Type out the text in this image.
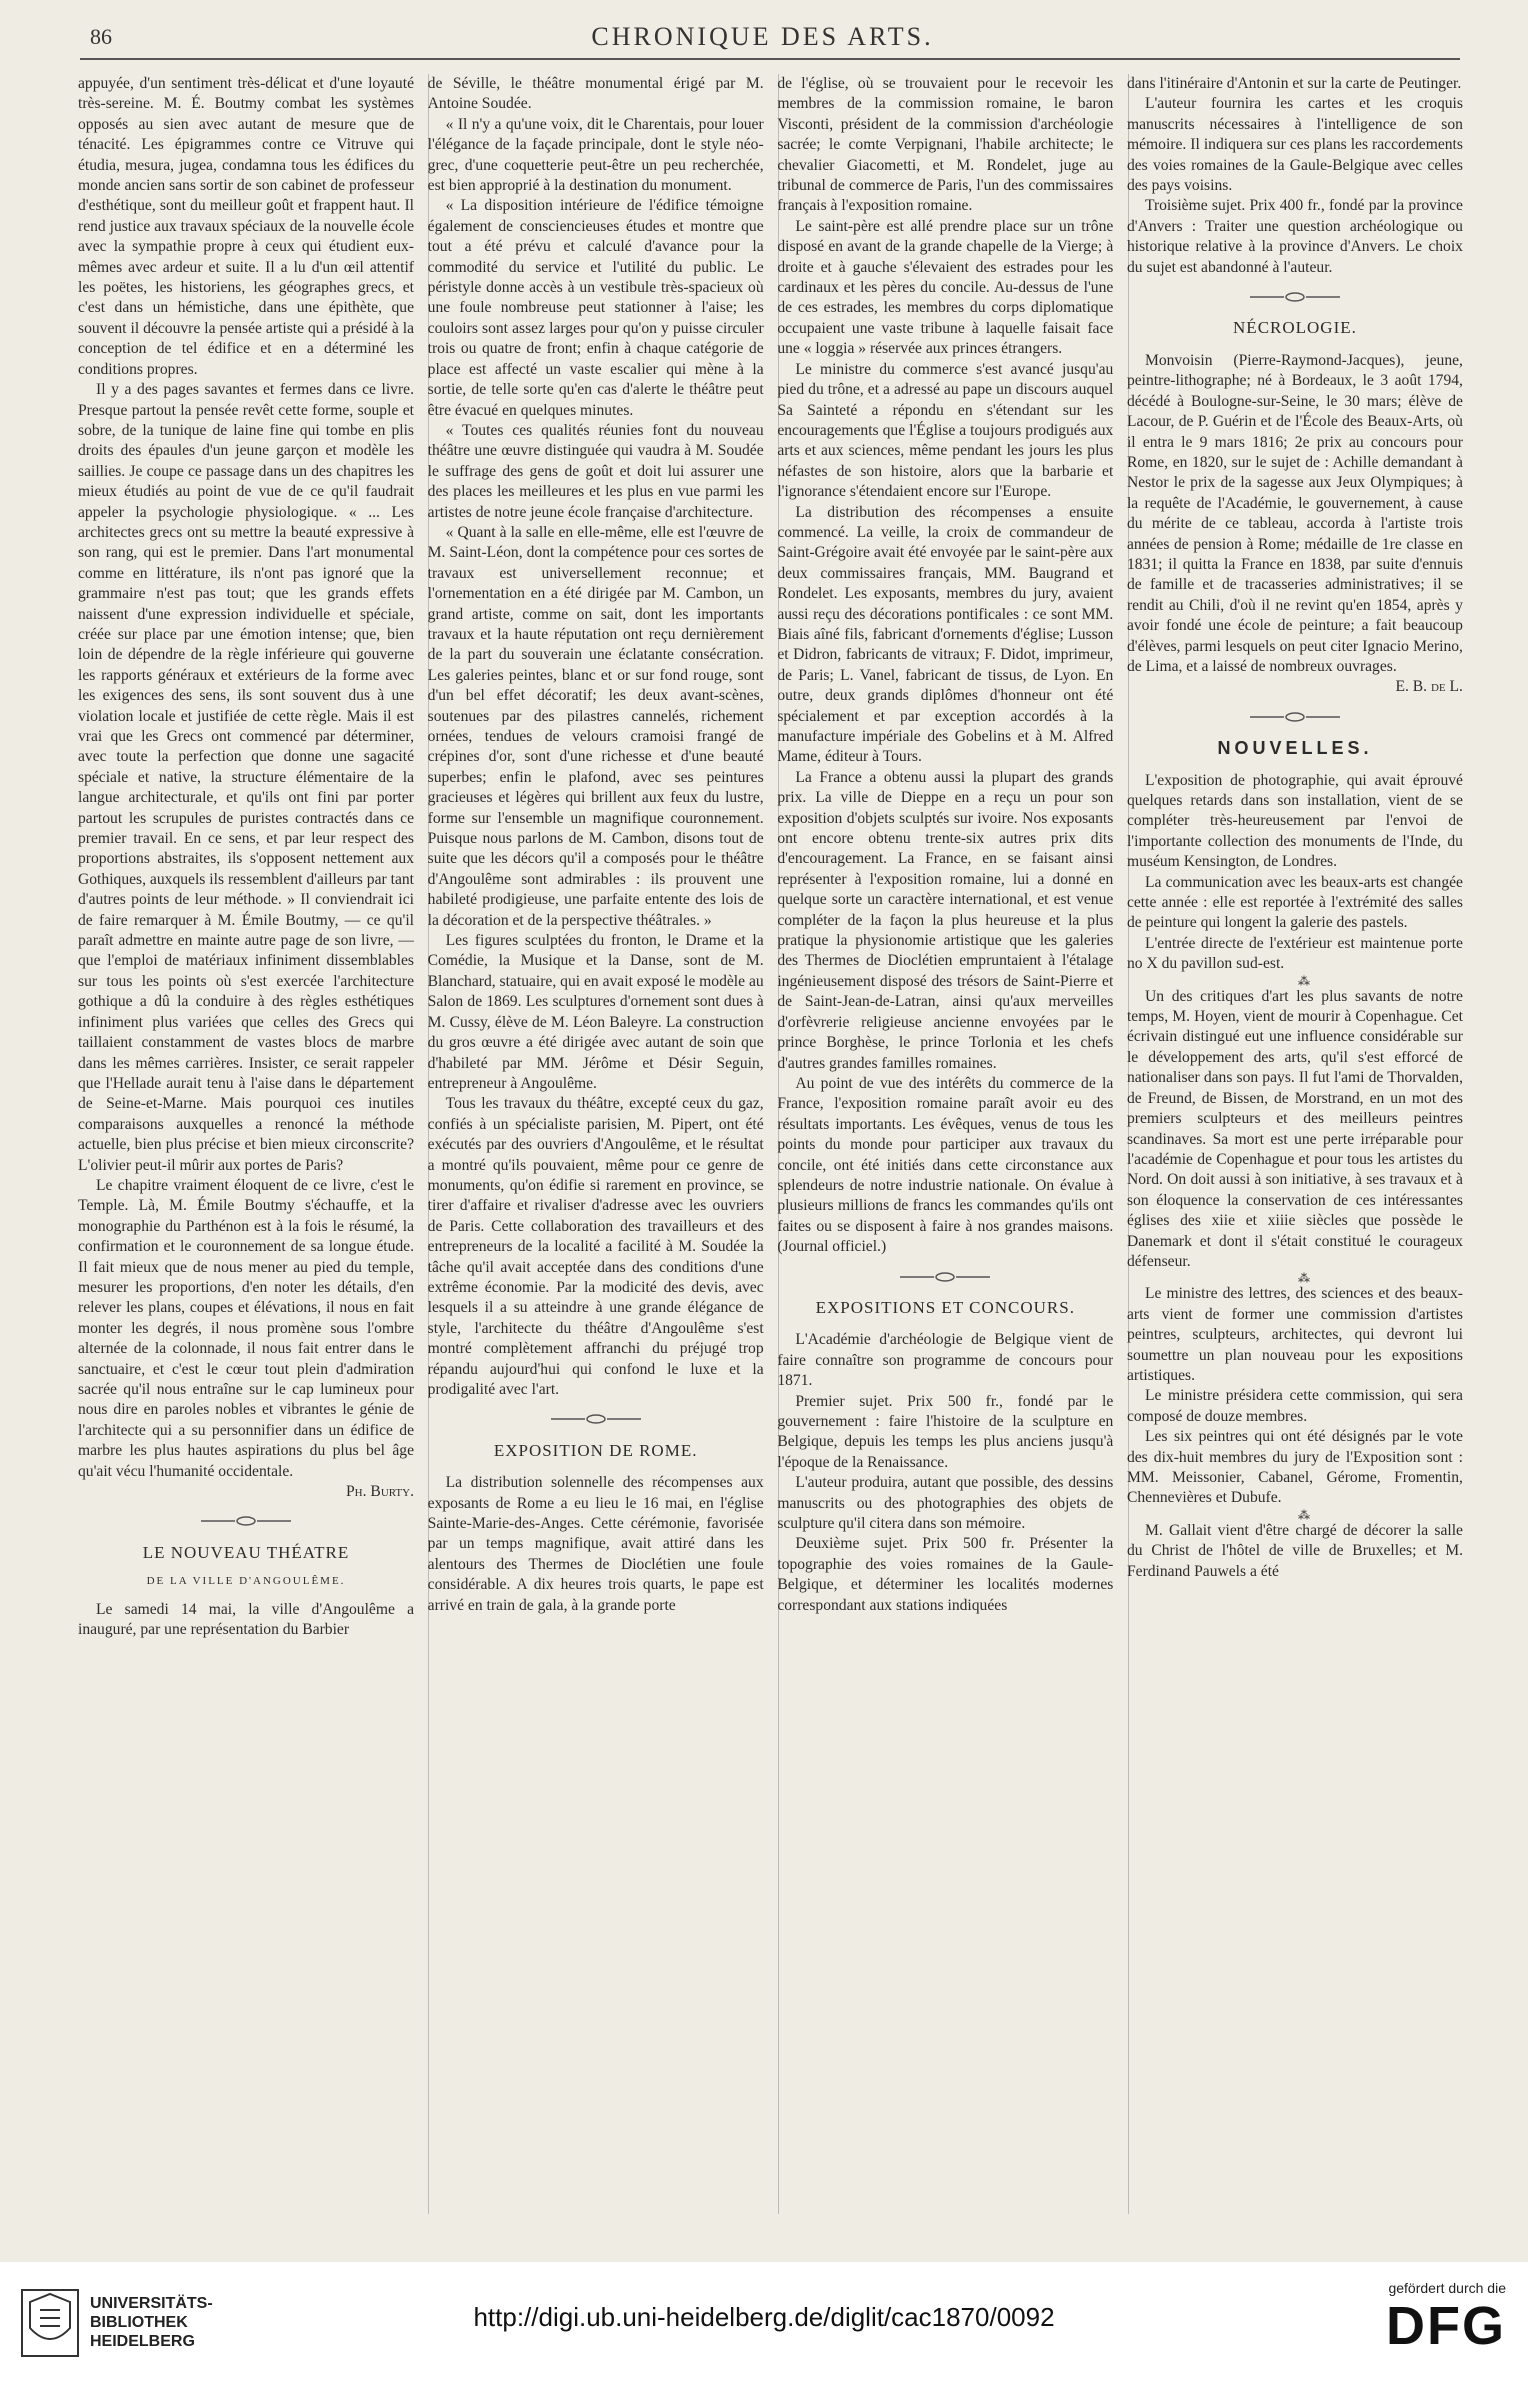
86	CHRONIQUE DES ARTS.

appuyée, d'un sentiment très-délicat et d'une loyauté très-sereine. M. É. Boutmy combat les systèmes opposés au sien avec autant de mesure que de ténacité. Les épigrammes contre ce Vitruve qui étudia, mesura, jugea, condamna tous les édifices du monde ancien sans sortir de son cabinet de professeur d'esthétique, sont du meilleur goût et frappent haut. Il rend justice aux travaux spéciaux de la nouvelle école avec la sympathie propre à ceux qui étudient eux-mêmes avec ardeur et suite. Il a lu d'un œil attentif les poëtes, les historiens, les géographes grecs, et c'est dans un hémistiche, dans une épithète, que souvent il découvre la pensée artiste qui a présidé à la conception de tel édifice et en a déterminé les conditions propres.

Il y a des pages savantes et fermes dans ce livre. Presque partout la pensée revêt cette forme, souple et sobre, de la tunique de laine fine qui tombe en plis droits des épaules d'un jeune garçon et modèle les saillies. Je coupe ce passage dans un des chapitres les mieux étudiés au point de vue de ce qu'il faudrait appeler la psychologie physiologique. « ... Les architectes grecs ont su mettre la beauté expressive à son rang, qui est le premier. Dans l'art monumental comme en littérature, ils n'ont pas ignoré que la grammaire n'est pas tout; que les grands effets naissent d'une expression individuelle et spéciale, créée sur place par une émotion intense; que, bien loin de dépendre de la règle inférieure qui gouverne les rapports généraux et extérieurs de la forme avec les exigences des sens, ils sont souvent dus à une violation locale et justifiée de cette règle. Mais il est vrai que les Grecs ont commencé par déterminer, avec toute la perfection que donne une sagacité spéciale et native, la structure élémentaire de la langue architecturale, et qu'ils ont fini par porter partout les scrupules de puristes contractés dans ce premier travail. En ce sens, et par leur respect des proportions abstraites, ils s'opposent nettement aux Gothiques, auxquels ils ressemblent d'ailleurs par tant d'autres points de leur méthode. » Il conviendrait ici de faire remarquer à M. Émile Boutmy, — ce qu'il paraît admettre en mainte autre page de son livre, — que l'emploi de matériaux infiniment dissemblables sur tous les points où s'est exercée l'architecture gothique a dû la conduire à des règles esthétiques infiniment plus variées que celles des Grecs qui taillaient constamment de vastes blocs de marbre dans les mêmes carrières. Insister, ce serait rappeler que l'Hellade aurait tenu à l'aise dans le département de Seine-et-Marne. Mais pourquoi ces inutiles comparaisons auxquelles a renoncé la méthode actuelle, bien plus précise et bien mieux circonscrite? L'olivier peut-il mûrir aux portes de Paris?

Le chapitre vraiment éloquent de ce livre, c'est le Temple. Là, M. Émile Boutmy s'échauffe, et la monographie du Parthénon est à la fois le résumé, la confirmation et le couronnement de sa longue étude. Il fait mieux que de nous mener au pied du temple, mesurer les proportions, d'en noter les détails, d'en relever les plans, coupes et élévations, il nous en fait monter les degrés, il nous promène sous l'ombre alternée de la colonnade, il nous fait entrer dans le sanctuaire, et c'est le cœur tout plein d'admiration sacrée qu'il nous entraîne sur le cap lumineux pour nous dire en paroles nobles et vibrantes le génie de l'architecte qui a su personnifier dans un édifice de marbre les plus hautes aspirations du plus bel âge qu'ait vécu l'humanité occidentale.

Ph. Burty.

LE NOUVEAU THÉATRE

DE LA VILLE D'ANGOULÊME.

Le samedi 14 mai, la ville d'Angoulême a inauguré, par une représentation du Barbier

de Séville, le théâtre monumental érigé par M. Antoine Soudée.

« Il n'y a qu'une voix, dit le Charentais, pour louer l'élégance de la façade principale, dont le style néo-grec, d'une coquetterie peut-être un peu recherchée, est bien approprié à la destination du monument.

« La disposition intérieure de l'édifice témoigne également de consciencieuses études et montre que tout a été prévu et calculé d'avance pour la commodité du service et l'utilité du public. Le péristyle donne accès à un vestibule très-spacieux où une foule nombreuse peut stationner à l'aise; les couloirs sont assez larges pour qu'on y puisse circuler trois ou quatre de front; enfin à chaque catégorie de place est affecté un vaste escalier qui mène à la sortie, de telle sorte qu'en cas d'alerte le théâtre peut être évacué en quelques minutes.

« Toutes ces qualités réunies font du nouveau théâtre une œuvre distinguée qui vaudra à M. Soudée le suffrage des gens de goût et doit lui assurer une des places les meilleures et les plus en vue parmi les artistes de notre jeune école française d'architecture.

« Quant à la salle en elle-même, elle est l'œuvre de M. Saint-Léon, dont la compétence pour ces sortes de travaux est universellement reconnue; et l'ornementation en a été dirigée par M. Cambon, un grand artiste, comme on sait, dont les importants travaux et la haute réputation ont reçu dernièrement de la part du souverain une éclatante consécration. Les galeries peintes, blanc et or sur fond rouge, sont d'un bel effet décoratif; les deux avant-scènes, soutenues par des pilastres cannelés, richement ornées, tendues de velours cramoisi frangé de crépines d'or, sont d'une richesse et d'une beauté superbes; enfin le plafond, avec ses peintures gracieuses et légères qui brillent aux feux du lustre, forme sur l'ensemble un magnifique couronnement. Puisque nous parlons de M. Cambon, disons tout de suite que les décors qu'il a composés pour le théâtre d'Angoulême sont admirables : ils prouvent une habileté prodigieuse, une parfaite entente des lois de la décoration et de la perspective théâtrales. »

Les figures sculptées du fronton, le Drame et la Comédie, la Musique et la Danse, sont de M. Blanchard, statuaire, qui en avait exposé le modèle au Salon de 1869. Les sculptures d'ornement sont dues à M. Cussy, élève de M. Léon Baleyre. La construction du gros œuvre a été dirigée avec autant de soin que d'habileté par MM. Jérôme et Désir Seguin, entrepreneur à Angoulême.

Tous les travaux du théâtre, excepté ceux du gaz, confiés à un spécialiste parisien, M. Pipert, ont été exécutés par des ouvriers d'Angoulême, et le résultat a montré qu'ils pouvaient, même pour ce genre de monuments, qu'on édifie si rarement en province, se tirer d'affaire et rivaliser d'adresse avec les ouvriers de Paris. Cette collaboration des travailleurs et des entrepreneurs de la localité a facilité à M. Soudée la tâche qu'il avait acceptée dans des conditions d'une extrême économie. Par la modicité des devis, avec lesquels il a su atteindre à une grande élégance de style, l'architecte du théâtre d'Angoulême s'est montré complètement affranchi du préjugé trop répandu aujourd'hui qui confond le luxe et la prodigalité avec l'art.

EXPOSITION DE ROME.

La distribution solennelle des récompenses aux exposants de Rome a eu lieu le 16 mai, en l'église Sainte-Marie-des-Anges. Cette cérémonie, favorisée par un temps magnifique, avait attiré dans les alentours des Thermes de Dioclétien une foule considérable. A dix heures trois quarts, le pape est arrivé en train de gala, à la grande porte

de l'église, où se trouvaient pour le recevoir les membres de la commission romaine, le baron Visconti, président de la commission d'archéologie sacrée; le comte Verpignani, l'habile architecte; le chevalier Giacometti, et M. Rondelet, juge au tribunal de commerce de Paris, l'un des commissaires français à l'exposition romaine.

Le saint-père est allé prendre place sur un trône disposé en avant de la grande chapelle de la Vierge; à droite et à gauche s'élevaient des estrades pour les cardinaux et les pères du concile. Au-dessus de l'une de ces estrades, les membres du corps diplomatique occupaient une vaste tribune à laquelle faisait face une « loggia » réservée aux princes étrangers.

Le ministre du commerce s'est avancé jusqu'au pied du trône, et a adressé au pape un discours auquel Sa Sainteté a répondu en s'étendant sur les encouragements que l'Église a toujours prodigués aux arts et aux sciences, même pendant les jours les plus néfastes de son histoire, alors que la barbarie et l'ignorance s'étendaient encore sur l'Europe.

La distribution des récompenses a ensuite commencé. La veille, la croix de commandeur de Saint-Grégoire avait été envoyée par le saint-père aux deux commissaires français, MM. Baugrand et Rondelet. Les exposants, membres du jury, avaient aussi reçu des décorations pontificales : ce sont MM. Biais aîné fils, fabricant d'ornements d'église; Lusson et Didron, fabricants de vitraux; F. Didot, imprimeur, de Paris; L. Vanel, fabricant de tissus, de Lyon. En outre, deux grands diplômes d'honneur ont été spécialement et par exception accordés à la manufacture impériale des Gobelins et à M. Alfred Mame, éditeur à Tours.

La France a obtenu aussi la plupart des grands prix. La ville de Dieppe en a reçu un pour son exposition d'objets sculptés sur ivoire. Nos exposants ont encore obtenu trente-six autres prix dits d'encouragement. La France, en se faisant ainsi représenter à l'exposition romaine, lui a donné en quelque sorte un caractère international, et est venue compléter de la façon la plus heureuse et la plus pratique la physionomie artistique que les galeries des Thermes de Dioclétien empruntaient à l'étalage ingénieusement disposé des trésors de Saint-Pierre et de Saint-Jean-de-Latran, ainsi qu'aux merveilles d'orfèvrerie religieuse ancienne envoyées par le prince Borghèse, le prince Torlonia et les chefs d'autres grandes familles romaines.

Au point de vue des intérêts du commerce de la France, l'exposition romaine paraît avoir eu des résultats importants. Les évêques, venus de tous les points du monde pour participer aux travaux du concile, ont été initiés dans cette circonstance aux splendeurs de notre industrie nationale. On évalue à plusieurs millions de francs les commandes qu'ils ont faites ou se disposent à faire à nos grandes maisons. (Journal officiel.)

EXPOSITIONS ET CONCOURS.

L'Académie d'archéologie de Belgique vient de faire connaître son programme de concours pour 1871.

Premier sujet. Prix 500 fr., fondé par le gouvernement : faire l'histoire de la sculpture en Belgique, depuis les temps les plus anciens jusqu'à l'époque de la Renaissance.

L'auteur produira, autant que possible, des dessins manuscrits ou des photographies des objets de sculpture qu'il citera dans son mémoire.

Deuxième sujet. Prix 500 fr. Présenter la topographie des voies romaines de la Gaule-Belgique, et déterminer les localités modernes correspondant aux stations indiquées

dans l'itinéraire d'Antonin et sur la carte de Peutinger.

L'auteur fournira les cartes et les croquis manuscrits nécessaires à l'intelligence de son mémoire. Il indiquera sur ces plans les raccordements des voies romaines de la Gaule-Belgique avec celles des pays voisins.

Troisième sujet. Prix 400 fr., fondé par la province d'Anvers : Traiter une question archéologique ou historique relative à la province d'Anvers. Le choix du sujet est abandonné à l'auteur.

NÉCROLOGIE.

Monvoisin (Pierre-Raymond-Jacques), jeune, peintre-lithographe; né à Bordeaux, le 3 août 1794, décédé à Boulogne-sur-Seine, le 30 mars; élève de Lacour, de P. Guérin et de l'École des Beaux-Arts, où il entra le 9 mars 1816; 2e prix au concours pour Rome, en 1820, sur le sujet de : Achille demandant à Nestor le prix de la sagesse aux Jeux Olympiques; à la requête de l'Académie, le gouvernement, à cause du mérite de ce tableau, accorda à l'artiste trois années de pension à Rome; médaille de 1re classe en 1831; il quitta la France en 1838, par suite d'ennuis de famille et de tracasseries administratives; il se rendit au Chili, d'où il ne revint qu'en 1854, après y avoir fondé une école de peinture; a fait beaucoup d'élèves, parmi lesquels on peut citer Ignacio Merino, de Lima, et a laissé de nombreux ouvrages.

E. B. de L.

NOUVELLES.

L'exposition de photographie, qui avait éprouvé quelques retards dans son installation, vient de se compléter très-heureusement par l'envoi de l'importante collection des monuments de l'Inde, du muséum Kensington, de Londres.

La communication avec les beaux-arts est changée cette année : elle est reportée à l'extrémité des salles de peinture qui longent la galerie des pastels.

L'entrée directe de l'extérieur est maintenue porte no X du pavillon sud-est.

⁂

Un des critiques d'art les plus savants de notre temps, M. Hoyen, vient de mourir à Copenhague. Cet écrivain distingué eut une influence considérable sur le développement des arts, qu'il s'est efforcé de nationaliser dans son pays. Il fut l'ami de Thorvalden, de Freund, de Bissen, de Morstrand, en un mot des premiers sculpteurs et des meilleurs peintres scandinaves. Sa mort est une perte irréparable pour l'académie de Copenhague et pour tous les artistes du Nord. On doit aussi à son initiative, à ses travaux et à son éloquence la conservation de ces intéressantes églises des xiie et xiiie siècles que possède le Danemark et dont il s'était constitué le courageux défenseur.

⁂

Le ministre des lettres, des sciences et des beaux-arts vient de former une commission d'artistes peintres, sculpteurs, architectes, qui devront lui soumettre un plan nouveau pour les expositions artistiques.

Le ministre présidera cette commission, qui sera composé de douze membres.

Les six peintres qui ont été désignés par le vote des dix-huit membres du jury de l'Exposition sont : MM. Meissonier, Cabanel, Gérome, Fromentin, Chennevières et Dubufe.

⁂

M. Gallait vient d'être chargé de décorer la salle du Christ de l'hôtel de ville de Bruxelles; et M. Ferdinand Pauwels a été

UNIVERSITÄTS-
BIBLIOTHEK
HEIDELBERG
http://digi.ub.uni-heidelberg.de/diglit/cac1870/0092
gefördert durch die
DFG
